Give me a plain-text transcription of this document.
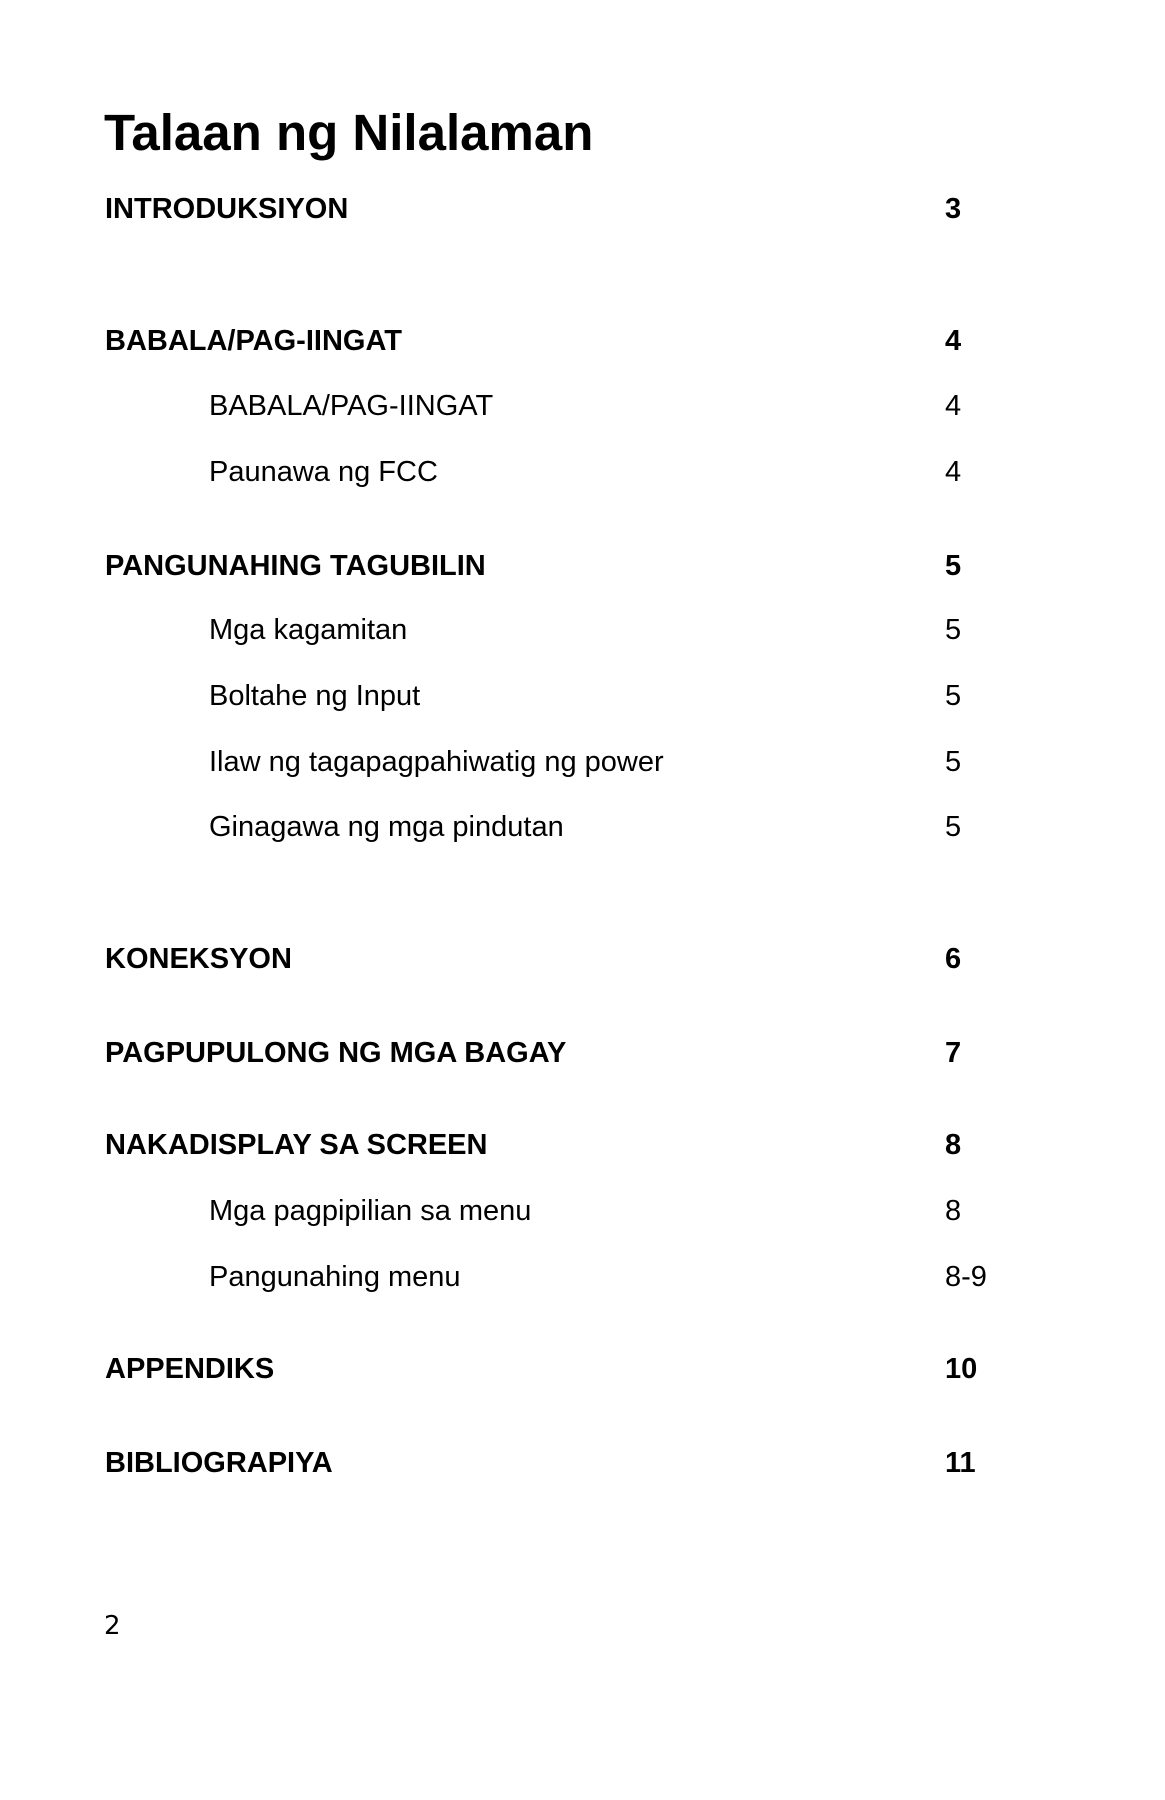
Talaan ng Nilalaman
INTRODUKSIYON	3
BABALA/PAG-IINGAT	4
BABALA/PAG-IINGAT	4
Paunawa ng FCC	4
PANGUNAHING TAGUBILIN	5
Mga kagamitan	5
Boltahe ng Input	5
Ilaw ng tagapagpahiwatig ng power	5
Ginagawa ng mga pindutan	5
KONEKSYON	6
PAGPUPULONG NG MGA BAGAY	7
NAKADISPLAY SA SCREEN	8
Mga pagpipilian sa menu	8
Pangunahing menu	8-9
APPENDIKS	10
BIBLIOGRAPIYA	11
2
